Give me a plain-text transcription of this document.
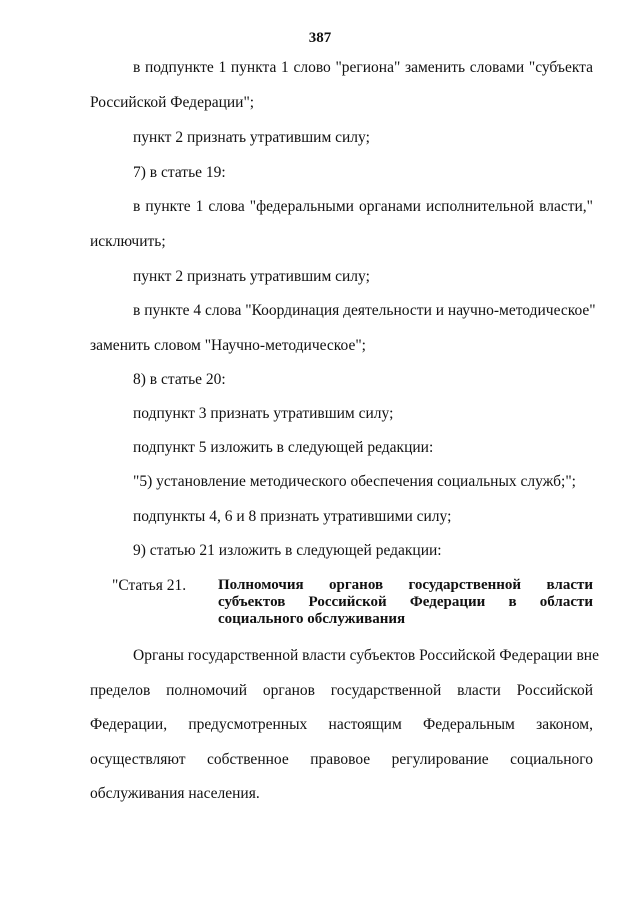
387
в подпункте 1 пункта 1 слово "региона" заменить словами "субъекта
Российской Федерации";
пункт 2 признать утратившим силу;
7) в статье 19:
в пункте 1 слова "федеральными органами исполнительной власти,"
исключить;
пункт 2 признать утратившим силу;
в пункте 4 слова "Координация деятельности и научно-методическое"
заменить словом "Научно-методическое";
8) в статье 20:
подпункт 3 признать утратившим силу;
подпункт 5 изложить в следующей редакции:
"5) установление методического обеспечения социальных служб;";
подпункты 4, 6 и 8 признать утратившими силу;
9) статью 21 изложить в следующей редакции:
"Статья 21. Полномочия органов государственной власти
субъектов Российской Федерации в области
социального обслуживания
Органы государственной власти субъектов Российской Федерации вне
пределов полномочий органов государственной власти Российской
Федерации, предусмотренных настоящим Федеральным законом,
осуществляют собственное правовое регулирование социального
обслуживания населения.
